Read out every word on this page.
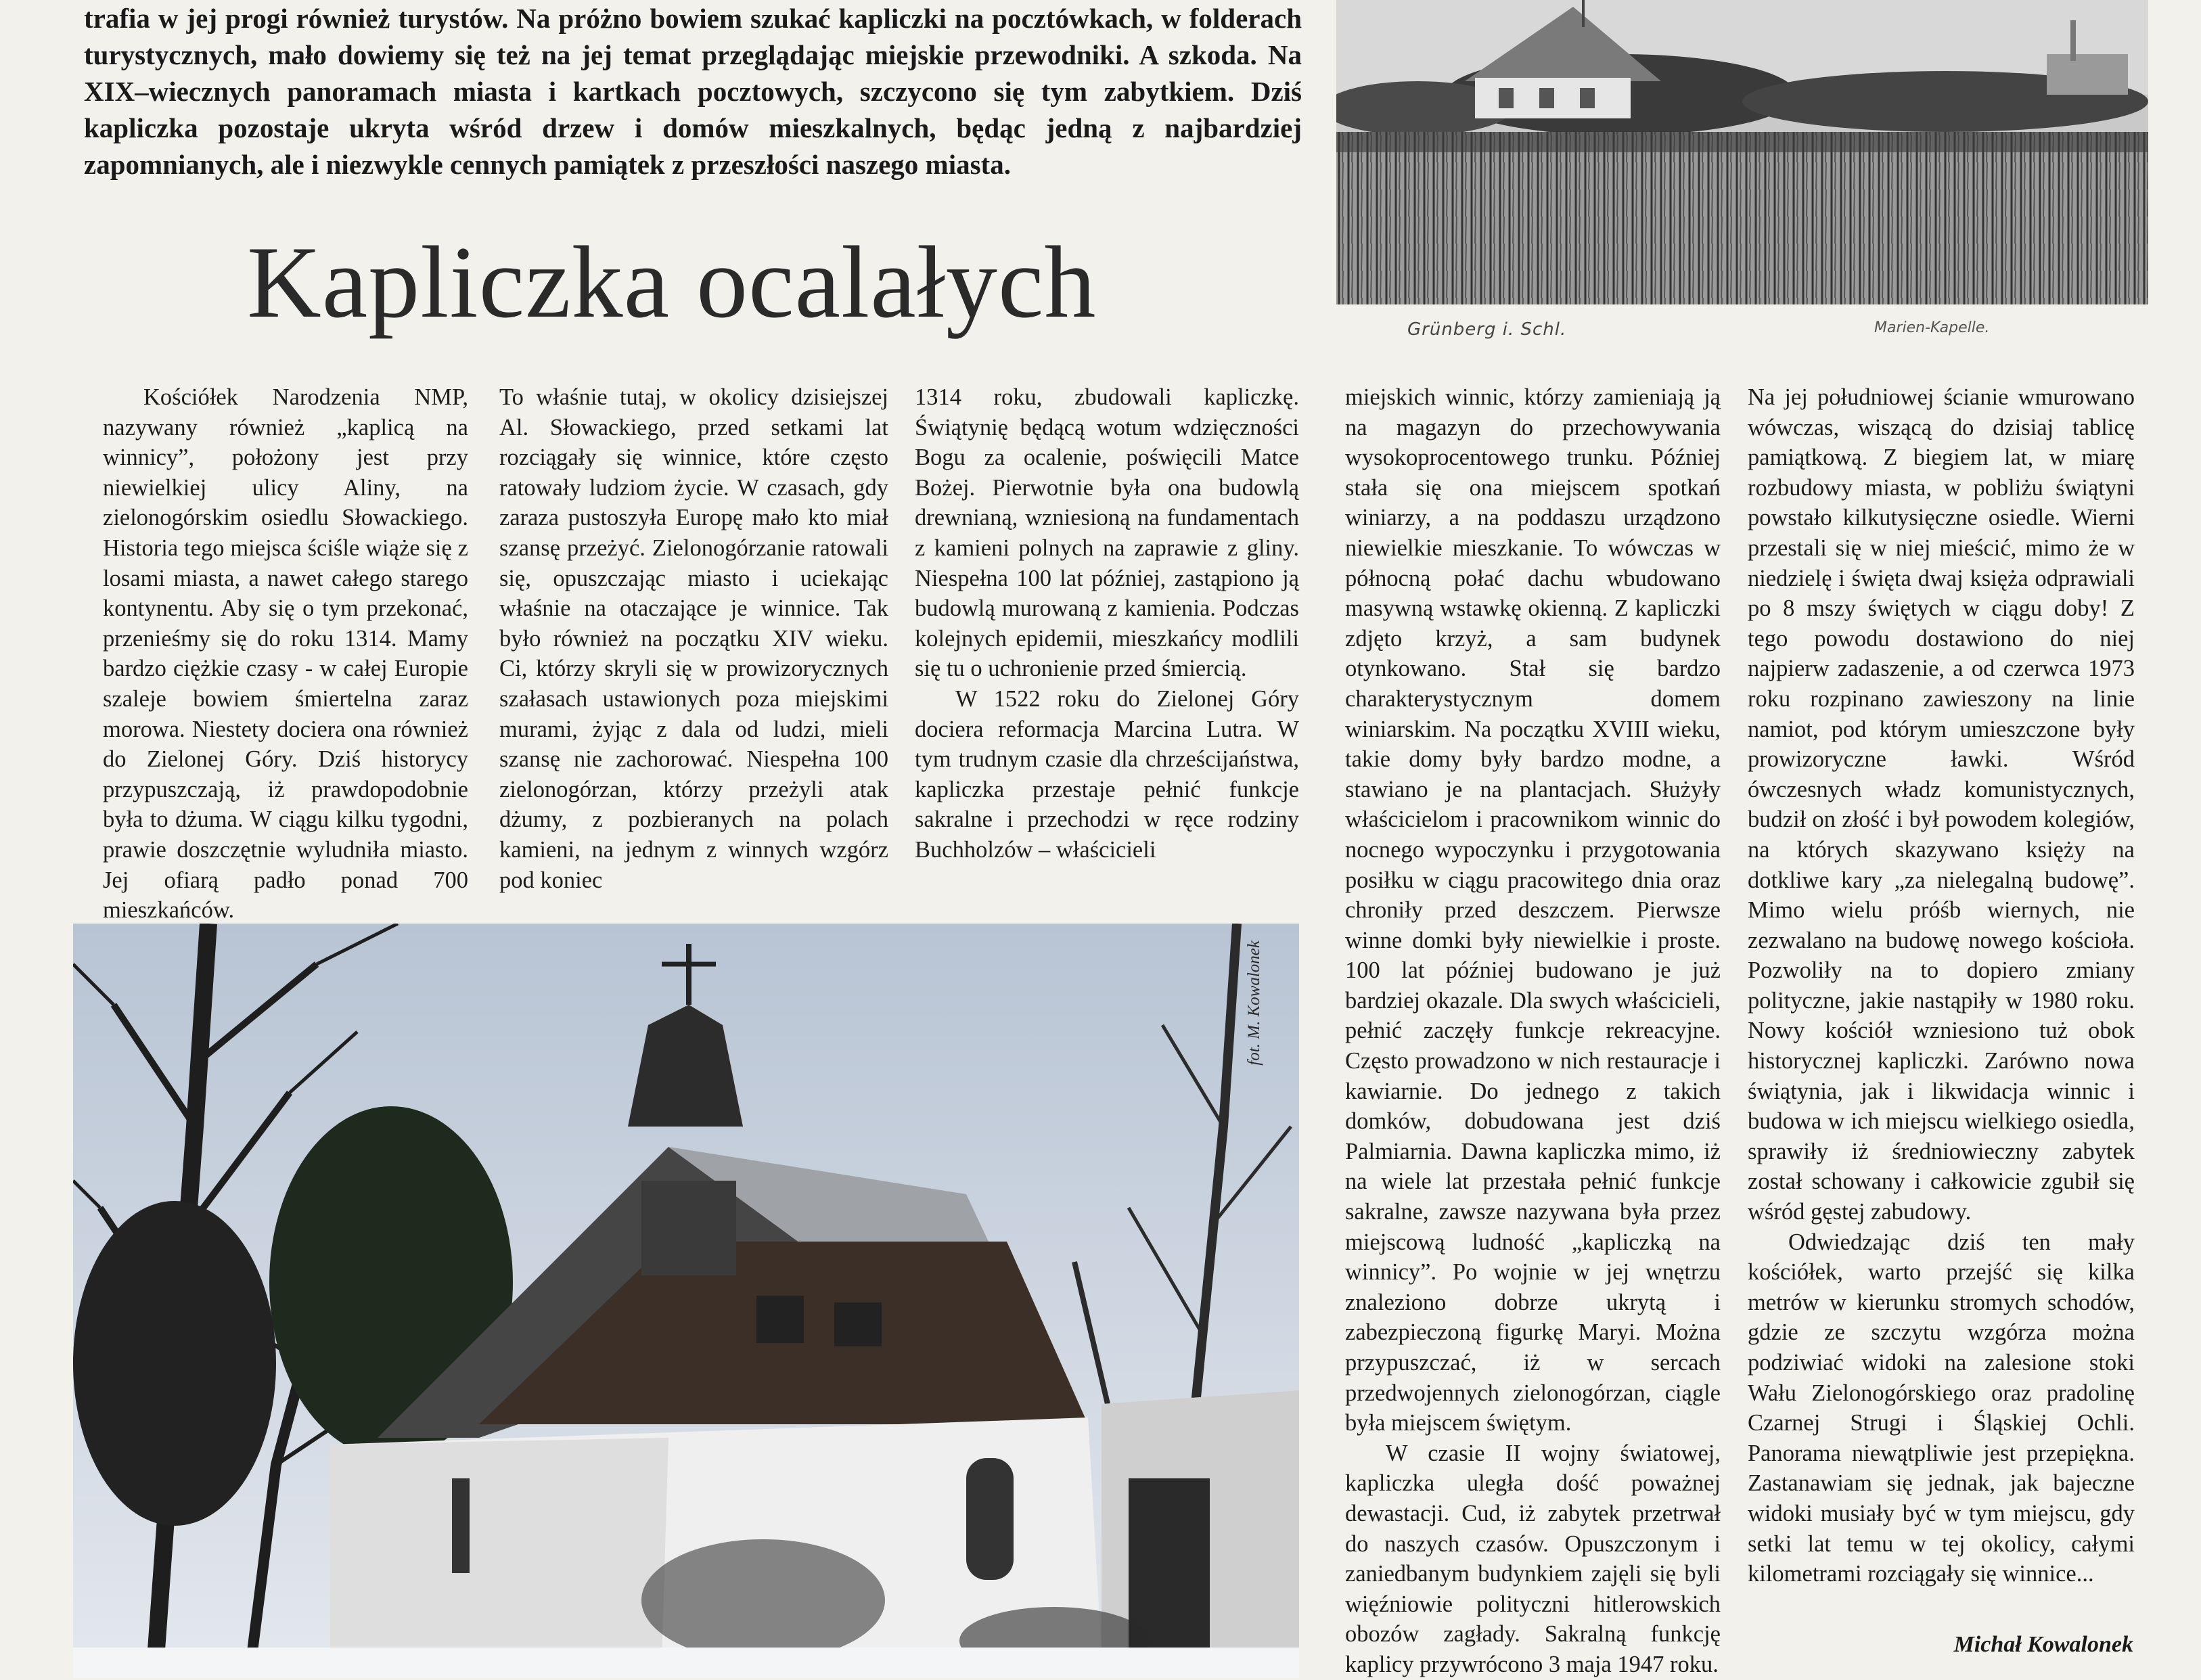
trafia w jej progi również turystów. Na próżno bowiem szukać kapliczki na pocztówkach, w folderach turystycznych, mało dowiemy się też na jej temat przeglądając miejskie przewodniki. A szkoda. Na XIX–wiecznych panoramach miasta i kartkach pocztowych, szczycono się tym zabytkiem. Dziś kapliczka pozostaje ukryta wśród drzew i domów mieszkalnych, będąc jedną z najbardziej zapomnianych, ale i niezwykle cennych pamiątek z przeszłości naszego miasta.

Kapliczka ocalałych

Kościółek Narodzenia NMP, nazywany również „kaplicą na winnicy”, położony jest przy niewielkiej ulicy Aliny, na zielonogórskim osiedlu Słowackiego. Historia tego miejsca ściśle wiąże się z losami miasta, a nawet całego starego kontynentu. Aby się o tym przekonać, przenieśmy się do roku 1314. Mamy bardzo ciężkie czasy - w całej Europie szaleje bowiem śmiertelna zaraz morowa. Niestety dociera ona również do Zielonej Góry. Dziś historycy przypuszczają, iż prawdopodobnie była to dżuma. W ciągu kilku tygodni, prawie doszczętnie wyludniła miasto. Jej ofiarą padło ponad 700 mieszkańców.

To właśnie tutaj, w okolicy dzisiejszej Al. Słowackiego, przed setkami lat rozciągały się winnice, które często ratowały ludziom życie. W czasach, gdy zaraza pustoszyła Europę mało kto miał szansę przeżyć. Zielonogórzanie ratowali się, opuszczając miasto i uciekając właśnie na otaczające je winnice. Tak było również na początku XIV wieku. Ci, którzy skryli się w prowizorycznych szałasach ustawionych poza miejskimi murami, żyjąc z dala od ludzi, mieli szansę nie zachorować. Niespełna 100 zielonogórzan, którzy przeżyli atak dżumy, z pozbieranych na polach kamieni, na jednym z winnych wzgórz pod koniec

1314 roku, zbudowali kapliczkę. Świątynię będącą wotum wdzięczności Bogu za ocalenie, poświęcili Matce Bożej. Pierwotnie była ona budowlą drewnianą, wzniesioną na fundamentach z kamieni polnych na zaprawie z gliny. Niespełna 100 lat później, zastąpiono ją budowlą murowaną z kamienia. Podczas kolejnych epidemii, mieszkańcy modlili się tu o uchronienie przed śmiercią.

W 1522 roku do Zielonej Góry dociera reformacja Marcina Lutra. W tym trudnym czasie dla chrześcijaństwa, kapliczka przestaje pełnić funkcje sakralne i przechodzi w ręce rodziny Buchholzów – właścicieli

miejskich winnic, którzy zamieniają ją na magazyn do przechowywania wysokoprocentowego trunku. Później stała się ona miejscem spotkań winiarzy, a na poddaszu urządzono niewielkie mieszkanie. To wówczas w północną połać dachu wbudowano masywną wstawkę okienną. Z kapliczki zdjęto krzyż, a sam budynek otynkowano. Stał się bardzo charakterystycznym domem winiarskim. Na początku XVIII wieku, takie domy były bardzo modne, a stawiano je na plantacjach. Służyły właścicielom i pracownikom winnic do nocnego wypoczynku i przygotowania posiłku w ciągu pracowitego dnia oraz chroniły przed deszczem. Pierwsze winne domki były niewielkie i proste. 100 lat później budowano je już bardziej okazale. Dla swych właścicieli, pełnić zaczęły funkcje rekreacyjne. Często prowadzono w nich restauracje i kawiarnie. Do jednego z takich domków, dobudowana jest dziś Palmiarnia. Dawna kapliczka mimo, iż na wiele lat przestała pełnić funkcje sakralne, zawsze nazywana była przez miejscową ludność „kapliczką na winnicy”. Po wojnie w jej wnętrzu znaleziono dobrze ukrytą i zabezpieczoną figurkę Maryi. Można przypuszczać, iż w sercach przedwojennych zielonogórzan, ciągle była miejscem świętym.

W czasie II wojny światowej, kapliczka uległa dość poważnej dewastacji. Cud, iż zabytek przetrwał do naszych czasów. Opuszczonym i zaniedbanym budynkiem zajęli się byli więźniowie polityczni hitlerowskich obozów zagłady. Sakralną funkcję kaplicy przywrócono 3 maja 1947 roku.

Na jej południowej ścianie wmurowano wówczas, wiszącą do dzisiaj tablicę pamiątkową. Z biegiem lat, w miarę rozbudowy miasta, w pobliżu świątyni powstało kilkutysięczne osiedle. Wierni przestali się w niej mieścić, mimo że w niedzielę i święta dwaj księża odprawiali po 8 mszy świętych w ciągu doby! Z tego powodu dostawiono do niej najpierw zadaszenie, a od czerwca 1973 roku rozpinano zawieszony na linie namiot, pod którym umieszczone były prowizoryczne ławki. Wśród ówczesnych władz komunistycznych, budził on złość i był powodem kolegiów, na których skazywano księży na dotkliwe kary „za nielegalną budowę”. Mimo wielu próśb wiernych, nie zezwalano na budowę nowego kościoła. Pozwoliły na to dopiero zmiany polityczne, jakie nastąpiły w 1980 roku. Nowy kościół wzniesiono tuż obok historycznej kapliczki. Zarówno nowa świątynia, jak i likwidacja winnic i budowa w ich miejscu wielkiego osiedla, sprawiły iż średniowieczny zabytek został schowany i całkowicie zgubił się wśród gęstej zabudowy.

Odwiedzając dziś ten mały kościółek, warto przejść się kilka metrów w kierunku stromych schodów, gdzie ze szczytu wzgórza można podziwiać widoki na zalesione stoki Wału Zielonogórskiego oraz pradolinę Czarnej Strugi i Śląskiej Ochli. Panorama niewątpliwie jest przepiękna. Zastanawiam się jednak, jak bajeczne widoki musiały być w tym miejscu, gdy setki lat temu w tej okolicy, całymi kilometrami rozciągały się winnice...

Michał Kowalonek
Grünberg i. Schl.	Marien-Kapelle.
fot. M. Kowalonek
